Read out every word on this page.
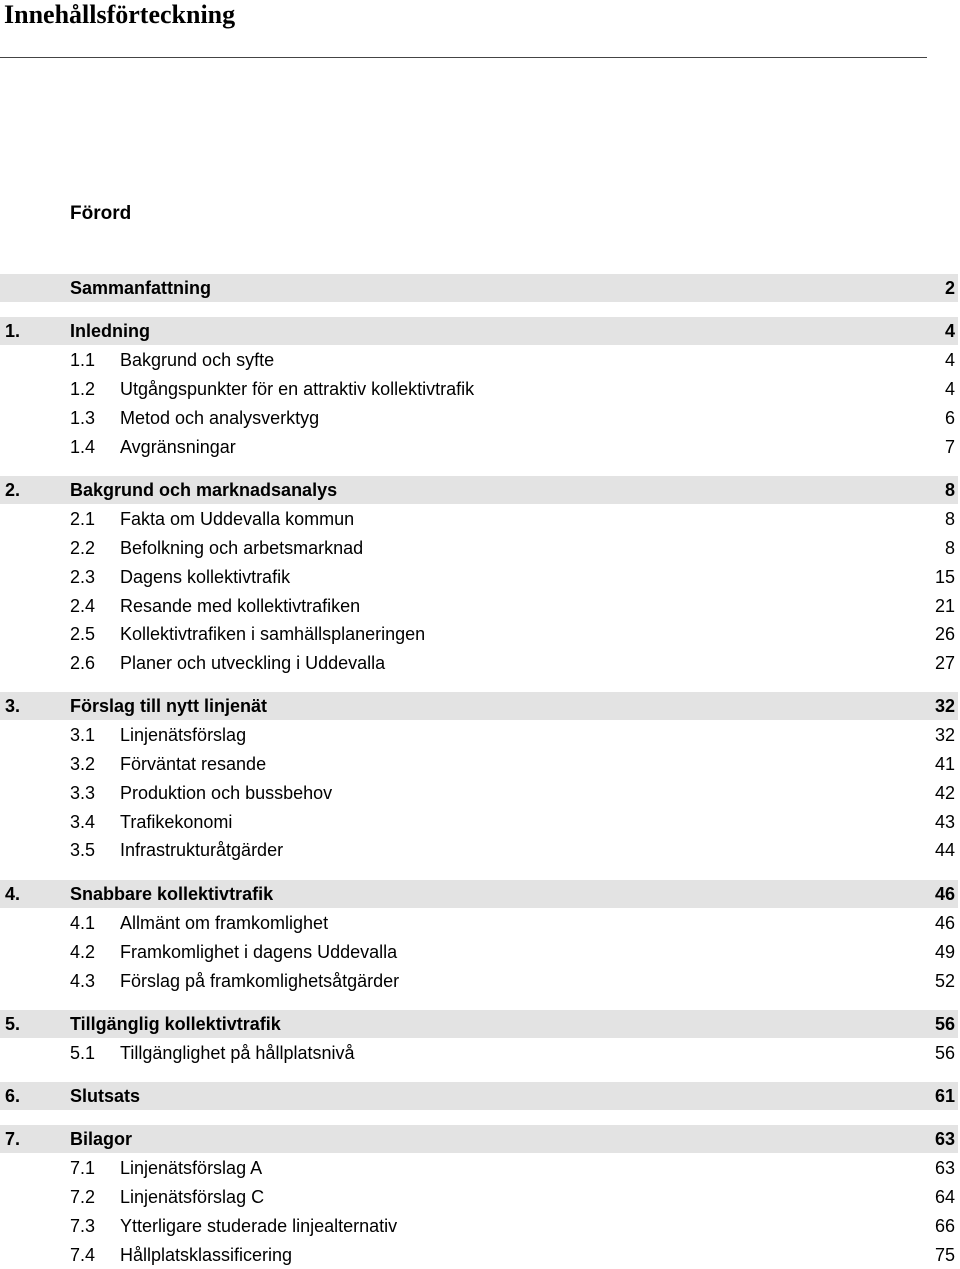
Innehållsförteckning
Förord
Sammanfattning	2
1.	Inledning	4
1.1 Bakgrund och syfte	4
1.2 Utgångspunkter för en attraktiv kollektivtrafik	4
1.3 Metod och analysverktyg	6
1.4 Avgränsningar	7
2.	Bakgrund och marknadsanalys	8
2.1 Fakta om Uddevalla kommun	8
2.2 Befolkning och arbetsmarknad	8
2.3 Dagens kollektivtrafik	15
2.4 Resande med kollektivtrafiken	21
2.5 Kollektivtrafiken i samhällsplaneringen	26
2.6 Planer och utveckling i Uddevalla	27
3.	Förslag till nytt linjenät	32
3.1 Linjenätsförslag	32
3.2 Förväntat resande	41
3.3 Produktion och bussbehov	42
3.4 Trafikekonomi	43
3.5 Infrastrukturåtgärder	44
4.	Snabbare kollektivtrafik	46
4.1 Allmänt om framkomlighet	46
4.2 Framkomlighet i dagens Uddevalla	49
4.3 Förslag på framkomlighetsåtgärder	52
5.	Tillgänglig kollektivtrafik	56
5.1 Tillgänglighet på hållplatsnivå	56
6.	Slutsats	61
7.	Bilagor	63
7.1 Linjenätsförslag A	63
7.2 Linjenätsförslag C	64
7.3 Ytterligare studerade linjealternativ	66
7.4 Hållplatsklassificering	75
